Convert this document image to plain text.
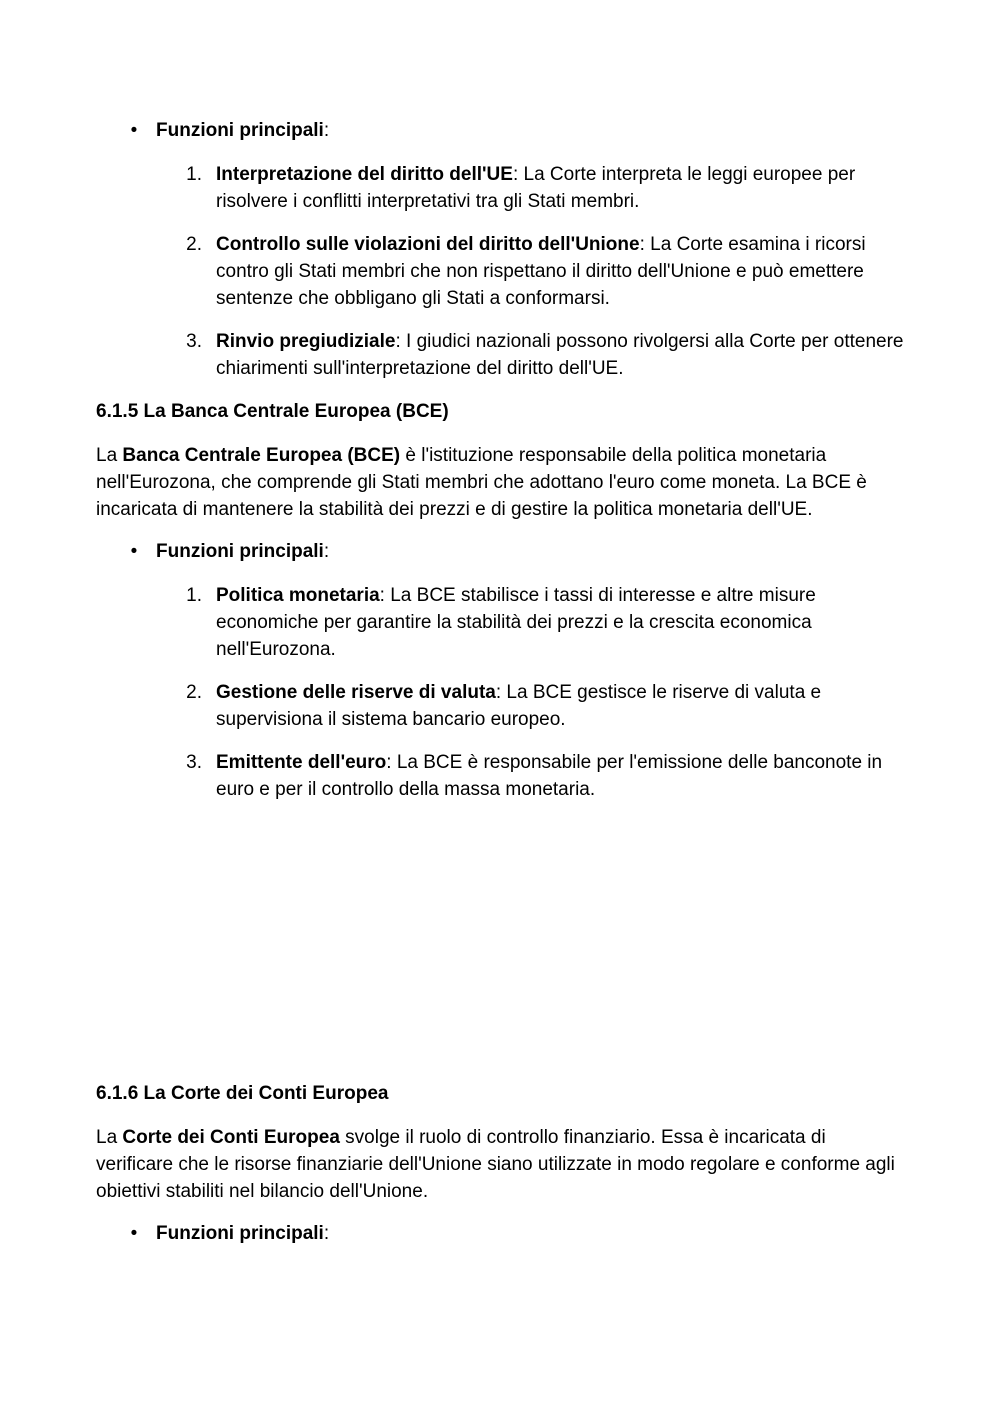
• Funzioni principali:
1. Interpretazione del diritto dell'UE: La Corte interpreta le leggi europee per risolvere i conflitti interpretativi tra gli Stati membri.
2. Controllo sulle violazioni del diritto dell'Unione: La Corte esamina i ricorsi contro gli Stati membri che non rispettano il diritto dell'Unione e può emettere sentenze che obbligano gli Stati a conformarsi.
3. Rinvio pregiudiziale: I giudici nazionali possono rivolgersi alla Corte per ottenere chiarimenti sull'interpretazione del diritto dell'UE.
6.1.5 La Banca Centrale Europea (BCE)
La Banca Centrale Europea (BCE) è l'istituzione responsabile della politica monetaria nell'Eurozona, che comprende gli Stati membri che adottano l'euro come moneta. La BCE è incaricata di mantenere la stabilità dei prezzi e di gestire la politica monetaria dell'UE.
• Funzioni principali:
1. Politica monetaria: La BCE stabilisce i tassi di interesse e altre misure economiche per garantire la stabilità dei prezzi e la crescita economica nell'Eurozona.
2. Gestione delle riserve di valuta: La BCE gestisce le riserve di valuta e supervisiona il sistema bancario europeo.
3. Emittente dell'euro: La BCE è responsabile per l'emissione delle banconote in euro e per il controllo della massa monetaria.
6.1.6 La Corte dei Conti Europea
La Corte dei Conti Europea svolge il ruolo di controllo finanziario. Essa è incaricata di verificare che le risorse finanziarie dell'Unione siano utilizzate in modo regolare e conforme agli obiettivi stabiliti nel bilancio dell'Unione.
• Funzioni principali:
